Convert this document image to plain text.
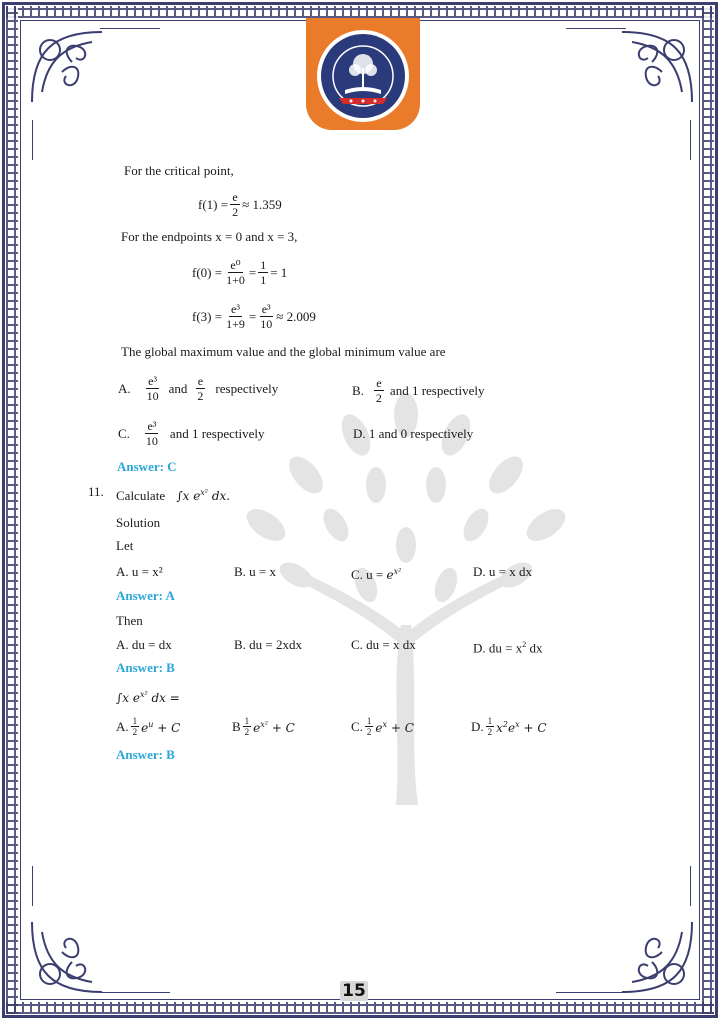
For the critical point,
$f(1) = \frac{e}{2} \approx 1.359$
For the endpoints x = 0 and x = 3,
$f(0) = \frac{\text{e⁰}}{1+0} = \frac{1}{1} = 1$
$f(3) = \frac{\text{e³}}{1+9} = \frac{\text{e³}}{10} \approx 2.009$
The global maximum value and the global minimum value are
A. $\frac{\text{e³}}{10}$ and $\frac{e}{2}$ respectively	B. $\frac{e}{2}$ and 1 respectively
C. $\frac{\text{e³}}{10}$ and 1 respectively	D. 1 and 0 respectively
Answer: C
11. Calculate ∫x $e^{x^2}$ dx.
Solution
Let
A. u = x²	B. u = x	C. $u = e^{x^2}$	D. u = x dx
Answer: A
Then
A. du = dx	B. du = 2xdx	C. du = x dx	D. du = $x^2$ dx
Answer: B
∫x $e^{x^2}$ dx =
A. $\frac{1}{2} e^u + C$	B $\frac{1}{2} e^{x^2} + C$	C. $\frac{1}{2} e^x + C$	D. $\frac{1}{2} x^2e^x + C$
Answer: B
15
